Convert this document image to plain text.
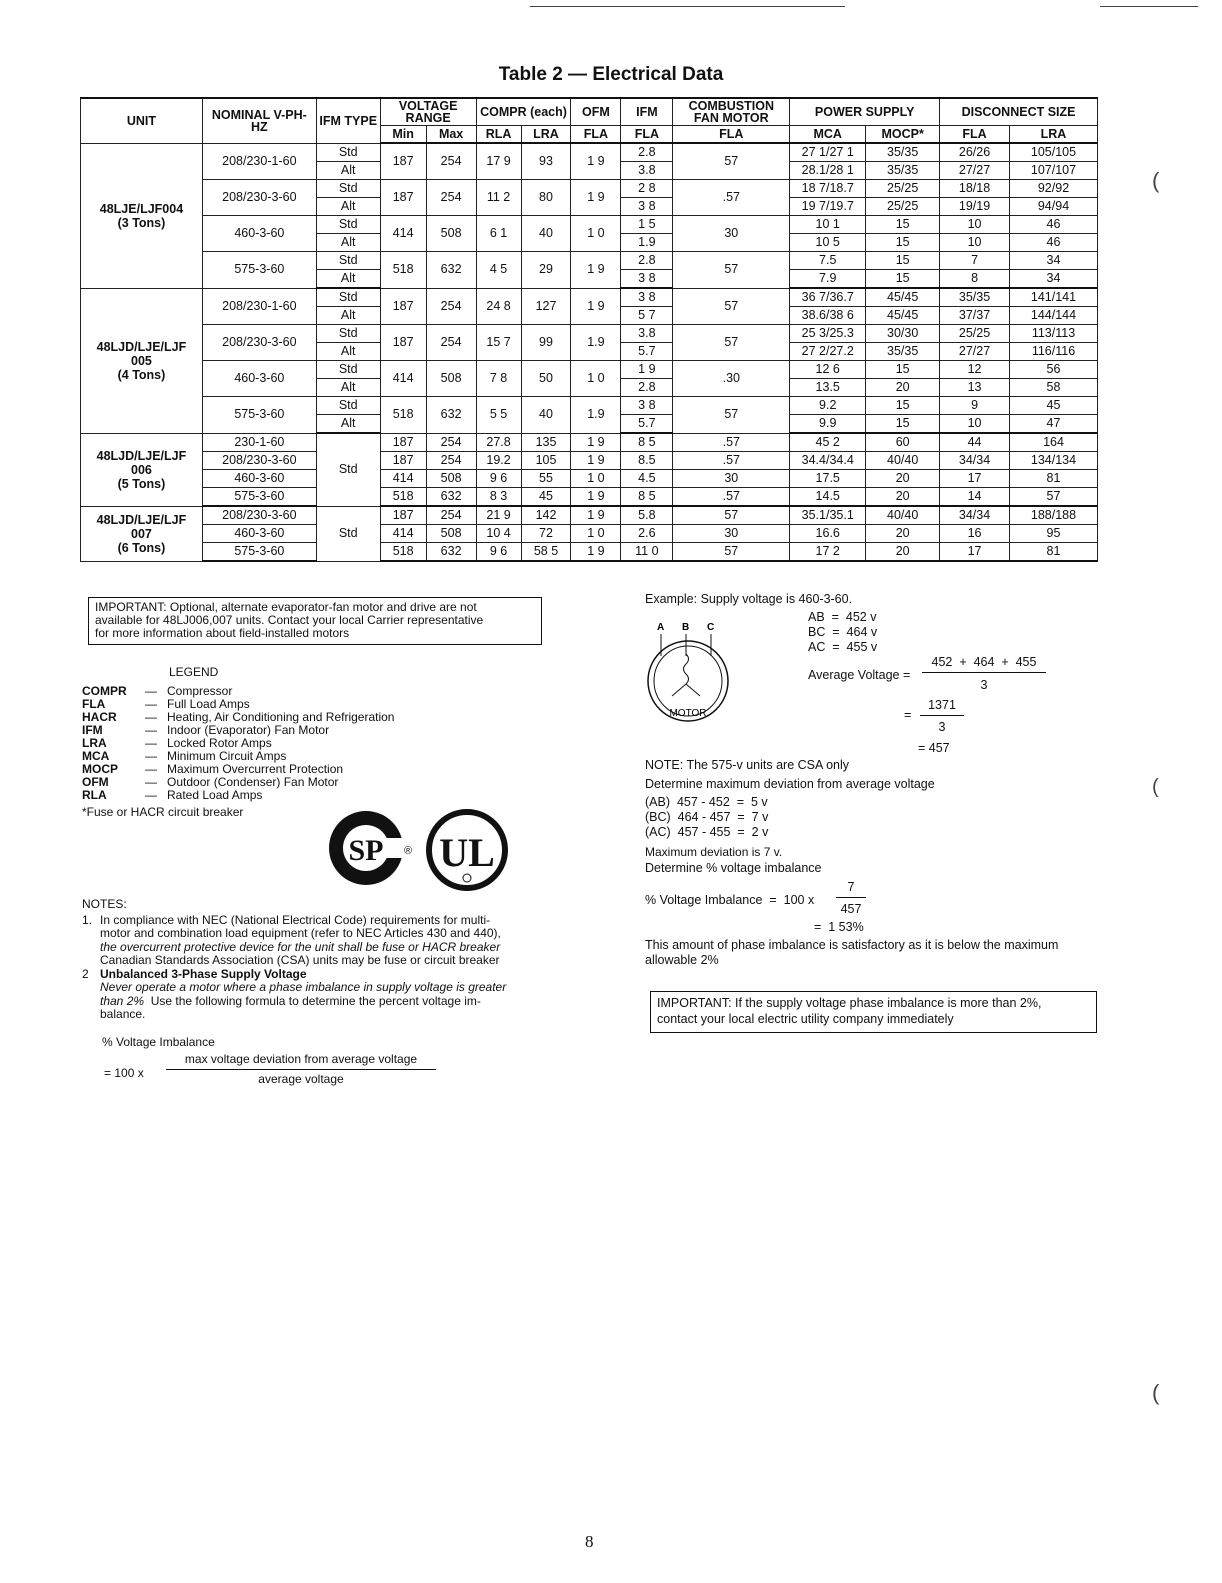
Table 2 — Electrical Data
UNIT	NOMINAL V-PH-HZ	IFM TYPE	VOLTAGE RANGE		COMPR (each)		OFM	IFM	COMBUSTION FAN MOTOR	POWER SUPPLY		DISCONNECT SIZE	
			Min	Max	RLA	LRA	FLA	FLA	FLA	MCA	MOCP*	FLA	LRA

48LJE/LJF004
(3 Tons)	208/230-1-60	Std	187	254	17 9	93	1 9	2.8	57	27 1/27 1	35/35	26/26	105/105
		Alt						3.8		28.1/28 1	35/35	27/27	107/107
	208/230-3-60	Std	187	254	11 2	80	1 9	2 8	.57	18 7/18.7	25/25	18/18	92/92
		Alt						3 8		19 7/19.7	25/25	19/19	94/94
	460-3-60	Std	414	508	6 1	40	1 0	1 5	30	10 1	15	10	46
		Alt						1.9		10 5	15	10	46
	575-3-60	Std	518	632	4 5	29	1 9	2.8	57	7.5	15	7	34
		Alt						3 8		7.9	15	8	34

48LJD/LJE/LJF
005
(4 Tons)	208/230-1-60	Std	187	254	24 8	127	1 9	3 8	57	36 7/36.7	45/45	35/35	141/141
		Alt						5 7		38.6/38 6	45/45	37/37	144/144
	208/230-3-60	Std	187	254	15 7	99	1.9	3.8	57	25 3/25.3	30/30	25/25	113/113
		Alt						5.7		27 2/27.2	35/35	27/27	116/116
	460-3-60	Std	414	508	7 8	50	1 0	1 9	.30	12 6	15	12	56
		Alt						2.8		13.5	20	13	58
	575-3-60	Std	518	632	5 5	40	1.9	3 8	57	9.2	15	9	45
		Alt						5.7		9.9	15	10	47

48LJD/LJE/LJF
006
(5 Tons)	230-1-60	Std	187	254	27.8	135	1 9	8 5	.57	45 2	60	44	164
	208/230-3-60		187	254	19.2	105	1 9	8.5	.57	34.4/34.4	40/40	34/34	134/134
	460-3-60		414	508	9 6	55	1 0	4.5	30	17.5	20	17	81
	575-3-60		518	632	8 3	45	1 9	8 5	.57	14.5	20	14	57

48LJD/LJE/LJF
007
(6 Tons)	208/230-3-60	Std	187	254	21 9	142	1 9	5.8	57	35.1/35.1	40/40	34/34	188/188
	460-3-60		414	508	10 4	72	1 0	2.6	30	16.6	20	16	95
	575-3-60		518	632	9 6	58 5	1 9	11 0	57	17 2	20	17	81
IMPORTANT: Optional, alternate evaporator-fan motor and drive are not
available for 48LJ006,007 units. Contact your local Carrier representative
for more information about field-installed motors
LEGEND
COMPR — Compressor
FLA	— Full Load Amps
HACR — Heating, Air Conditioning and Refrigeration
IFM	— Indoor (Evaporator) Fan Motor
LRA	— Locked Rotor Amps
MCA	— Minimum Circuit Amps
MOCP — Maximum Overcurrent Protection
OFM	— Outdoor (Condenser) Fan Motor
RLA	— Rated Load Amps
*Fuse or HACR circuit breaker
SP ® UL
NOTES:
1. In compliance with NEC (National Electrical Code) requirements for multi-
motor and combination load equipment (refer to NEC Articles 430 and 440),
the overcurrent protective device for the unit shall be fuse or HACR breaker
Canadian Standards Association (CSA) units may be fuse or circuit breaker
2 Unbalanced 3-Phase Supply Voltage
Never operate a motor where a phase imbalance in supply voltage is greater
than 2% Use the following formula to determine the percent voltage im-
balance.
% Voltage Imbalance
= 100 x
max voltage deviation from average voltage
average voltage
Example: Supply voltage is 460-3-60.
AB  =  452 v
BC  =  464 v
AC  =  455 v
A B C
MOTOR
Average Voltage =
452  +  464  +  455
3
=
1371
3
= 457
NOTE: The 575-v units are CSA only
Determine maximum deviation from average voltage
(AB)  457 - 452  =  5 v
(BC)  464 - 457  =  7 v
(AC)  457 - 455  =  2 v
Maximum deviation is 7 v.
Determine % voltage imbalance
% Voltage Imbalance  =  100 x
7
457
=  1 53%
This amount of phase imbalance is satisfactory as it is below the maximum
allowable 2%
IMPORTANT: If the supply voltage phase imbalance is more than 2%,
contact your local electric utility company immediately
(
(
(
8
